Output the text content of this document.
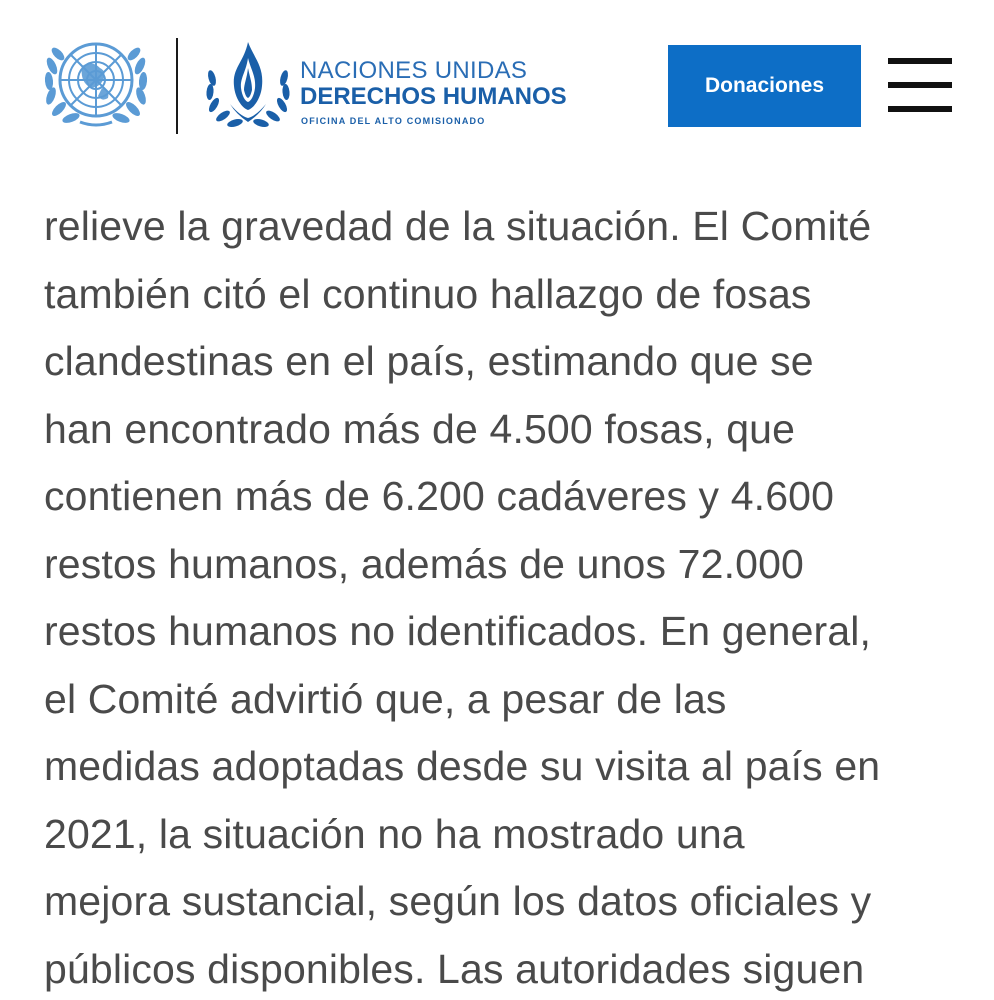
NACIONES UNIDAS
DERECHOS HUMANOS
OFICINA DEL ALTO COMISIONADO
Donaciones
relieve la gravedad de la situación. El Comité
también citó el continuo hallazgo de fosas
clandestinas en el país, estimando que se
han encontrado más de 4.500 fosas, que
contienen más de 6.200 cadáveres y 4.600
restos humanos, además de unos 72.000
restos humanos no identificados. En general,
el Comité advirtió que, a pesar de las
medidas adoptadas desde su visita al país en
2021, la situación no ha mostrado una
mejora sustancial, según los datos oficiales y
públicos disponibles. Las autoridades siguen
